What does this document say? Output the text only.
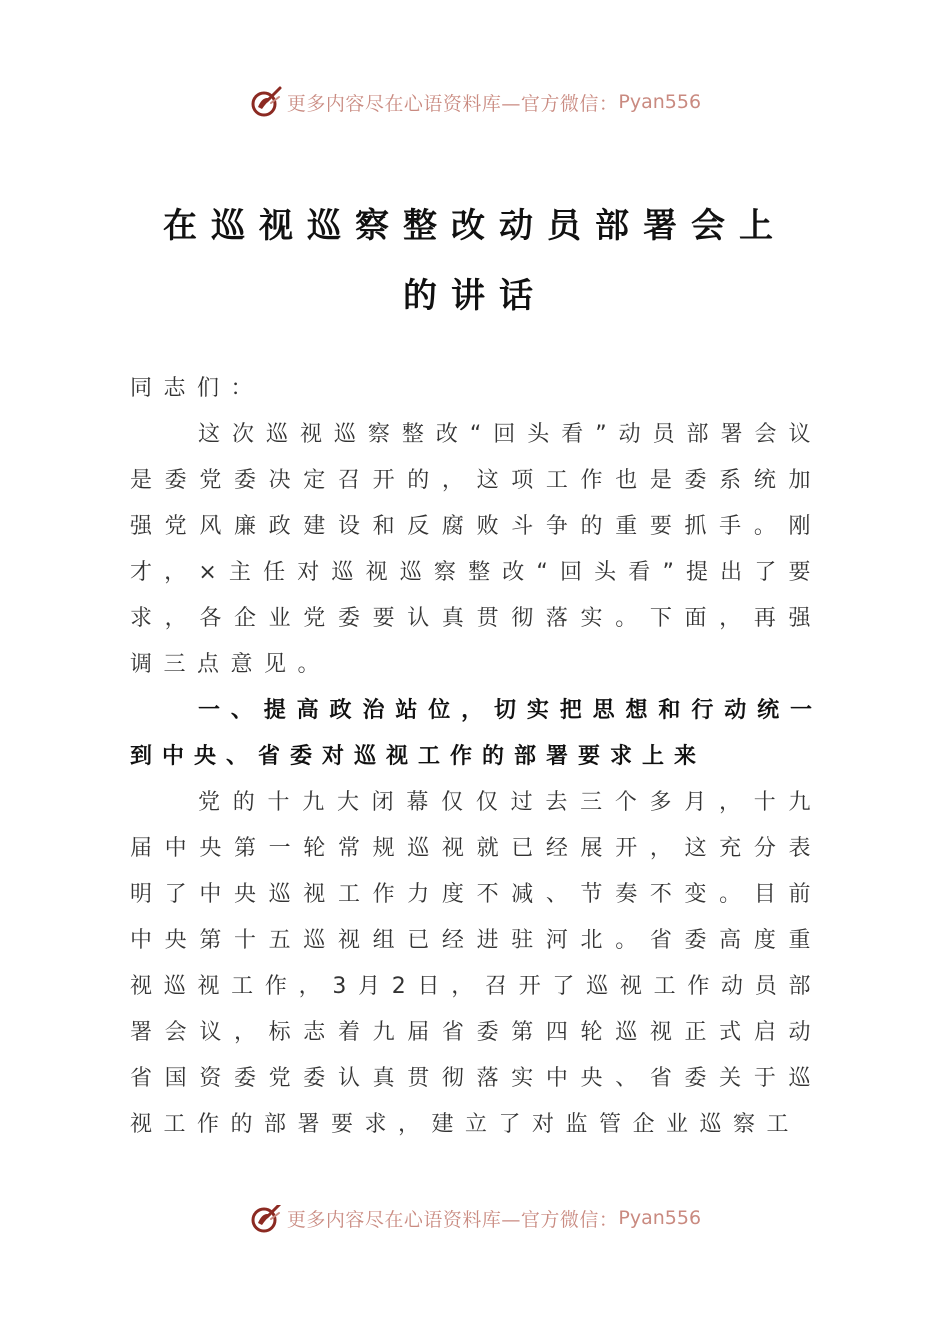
更多内容尽在心语资料库—官方微信： Pyan556
在巡视巡察整改动员部署会上
的讲话
同志们：
这次巡视巡察整改“回头看”动员部署会议是委党委决定召开的，这项工作也是委系统加强党风廉政建设和反腐败斗争的重要抓手。刚才，×主任对巡视巡察整改“回头看”提出了要求，各企业党委要认真贯彻落实。下面，再强调三点意见。
一、提高政治站位，切实把思想和行动统一到中央、省委对巡视工作的部署要求上来
党的十九大闭幕仅仅过去三个多月，十九届中央第一轮常规巡视就已经展开，这充分表明了中央巡视工作力度不减、节奏不变。目前中央第十五巡视组已经进驻河北。省委高度重视巡视工作，3月2日，召开了巡视工作动员部署会议，标志着九届省委第四轮巡视正式启动省国资委党委认真贯彻落实中央、省委关于巡视工作的部署要求，建立了对监管企业巡察工
更多内容尽在心语资料库—官方微信： Pyan556
